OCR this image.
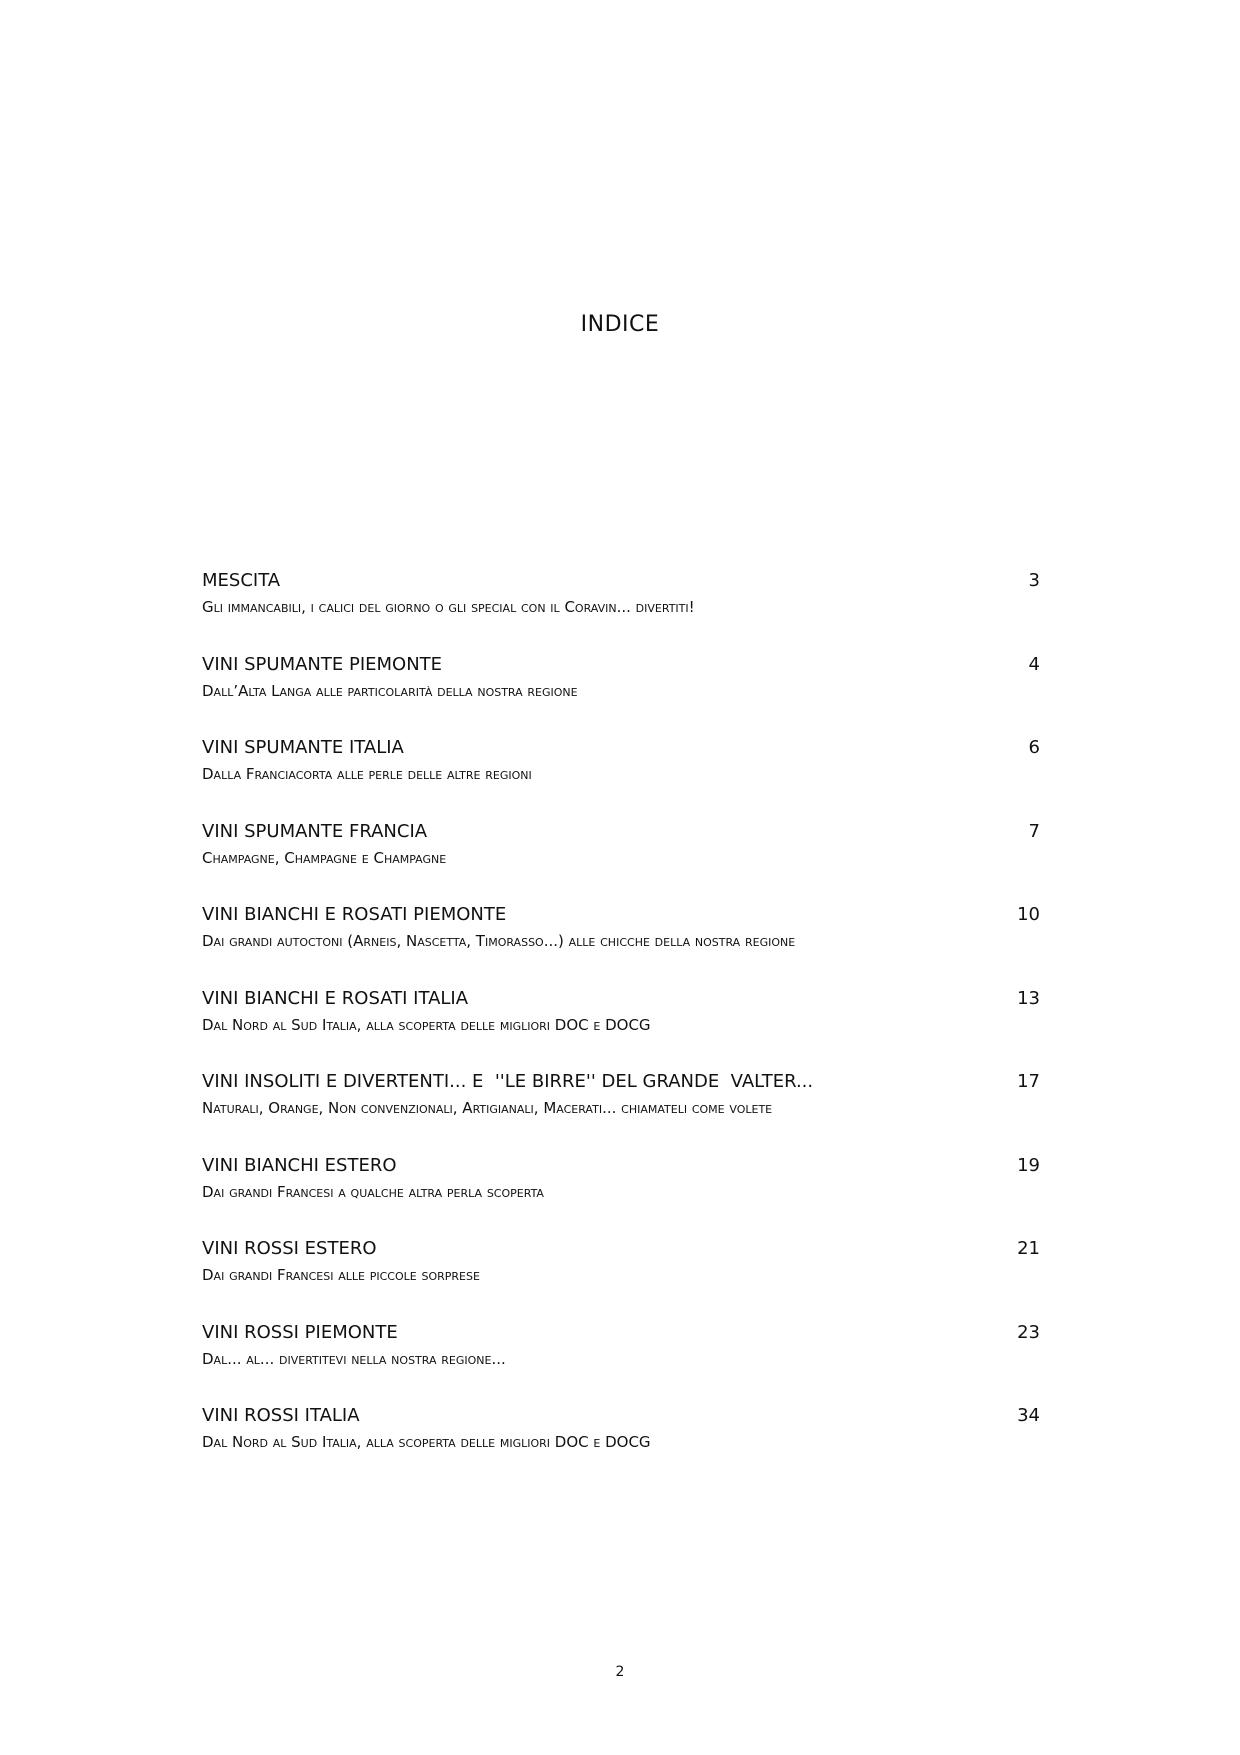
INDICE
MESCITA	3
Gli immancabili, i calici del giorno o gli special con il Coravin... divertiti!
VINI SPUMANTE PIEMONTE	4
Dall’Alta Langa alle particolarità della nostra regione
VINI SPUMANTE ITALIA	6
Dalla Franciacorta alle perle delle altre regioni
VINI SPUMANTE FRANCIA	7
Champagne, Champagne e Champagne
VINI BIANCHI E ROSATI PIEMONTE	10
Dai grandi autoctoni (Arneis, Nascetta, Timorasso...) alle chicche della nostra regione
VINI BIANCHI E ROSATI ITALIA	13
Dal Nord al Sud Italia, alla scoperta delle migliori DOC e DOCG
VINI INSOLITI E DIVERTENTI... E  ''LE BIRRE'' DEL GRANDE  VALTER...	17
Naturali, Orange, Non convenzionali, Artigianali, Macerati... chiamateli come volete
VINI BIANCHI ESTERO	19
Dai grandi Francesi a qualche altra perla scoperta
VINI ROSSI ESTERO	21
Dai grandi Francesi alle piccole sorprese
VINI ROSSI PIEMONTE	23
Dal... al... divertitevi nella nostra regione...
VINI ROSSI ITALIA	34
Dal Nord al Sud Italia, alla scoperta delle migliori DOC e DOCG
2
